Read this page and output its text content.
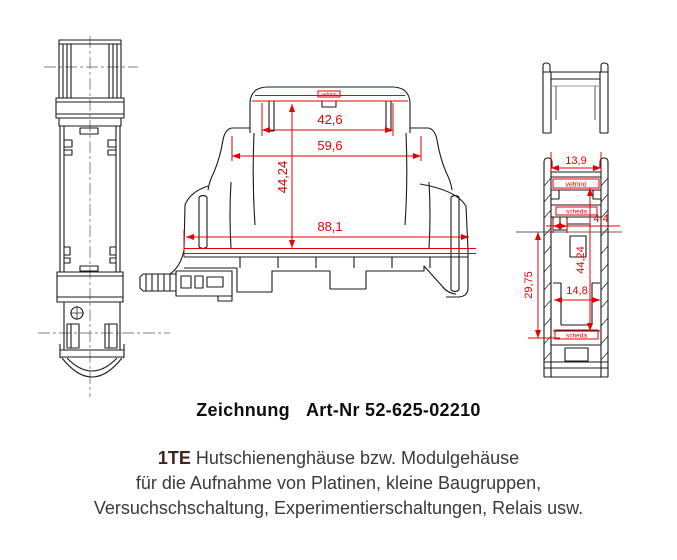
vetrino
42,6
59,6
44,24
88,1
13,9
vetrino
scheda
4,4
29,75
44,24
14,8
scheda
Zeichnung Art-Nr 52-625-02210
1TE Hutschienenghäuse bzw. Modulgehäuse
für die Aufnahme von Platinen, kleine Baugruppen,
Versuchschschaltung, Experimentierschaltungen, Relais usw.
